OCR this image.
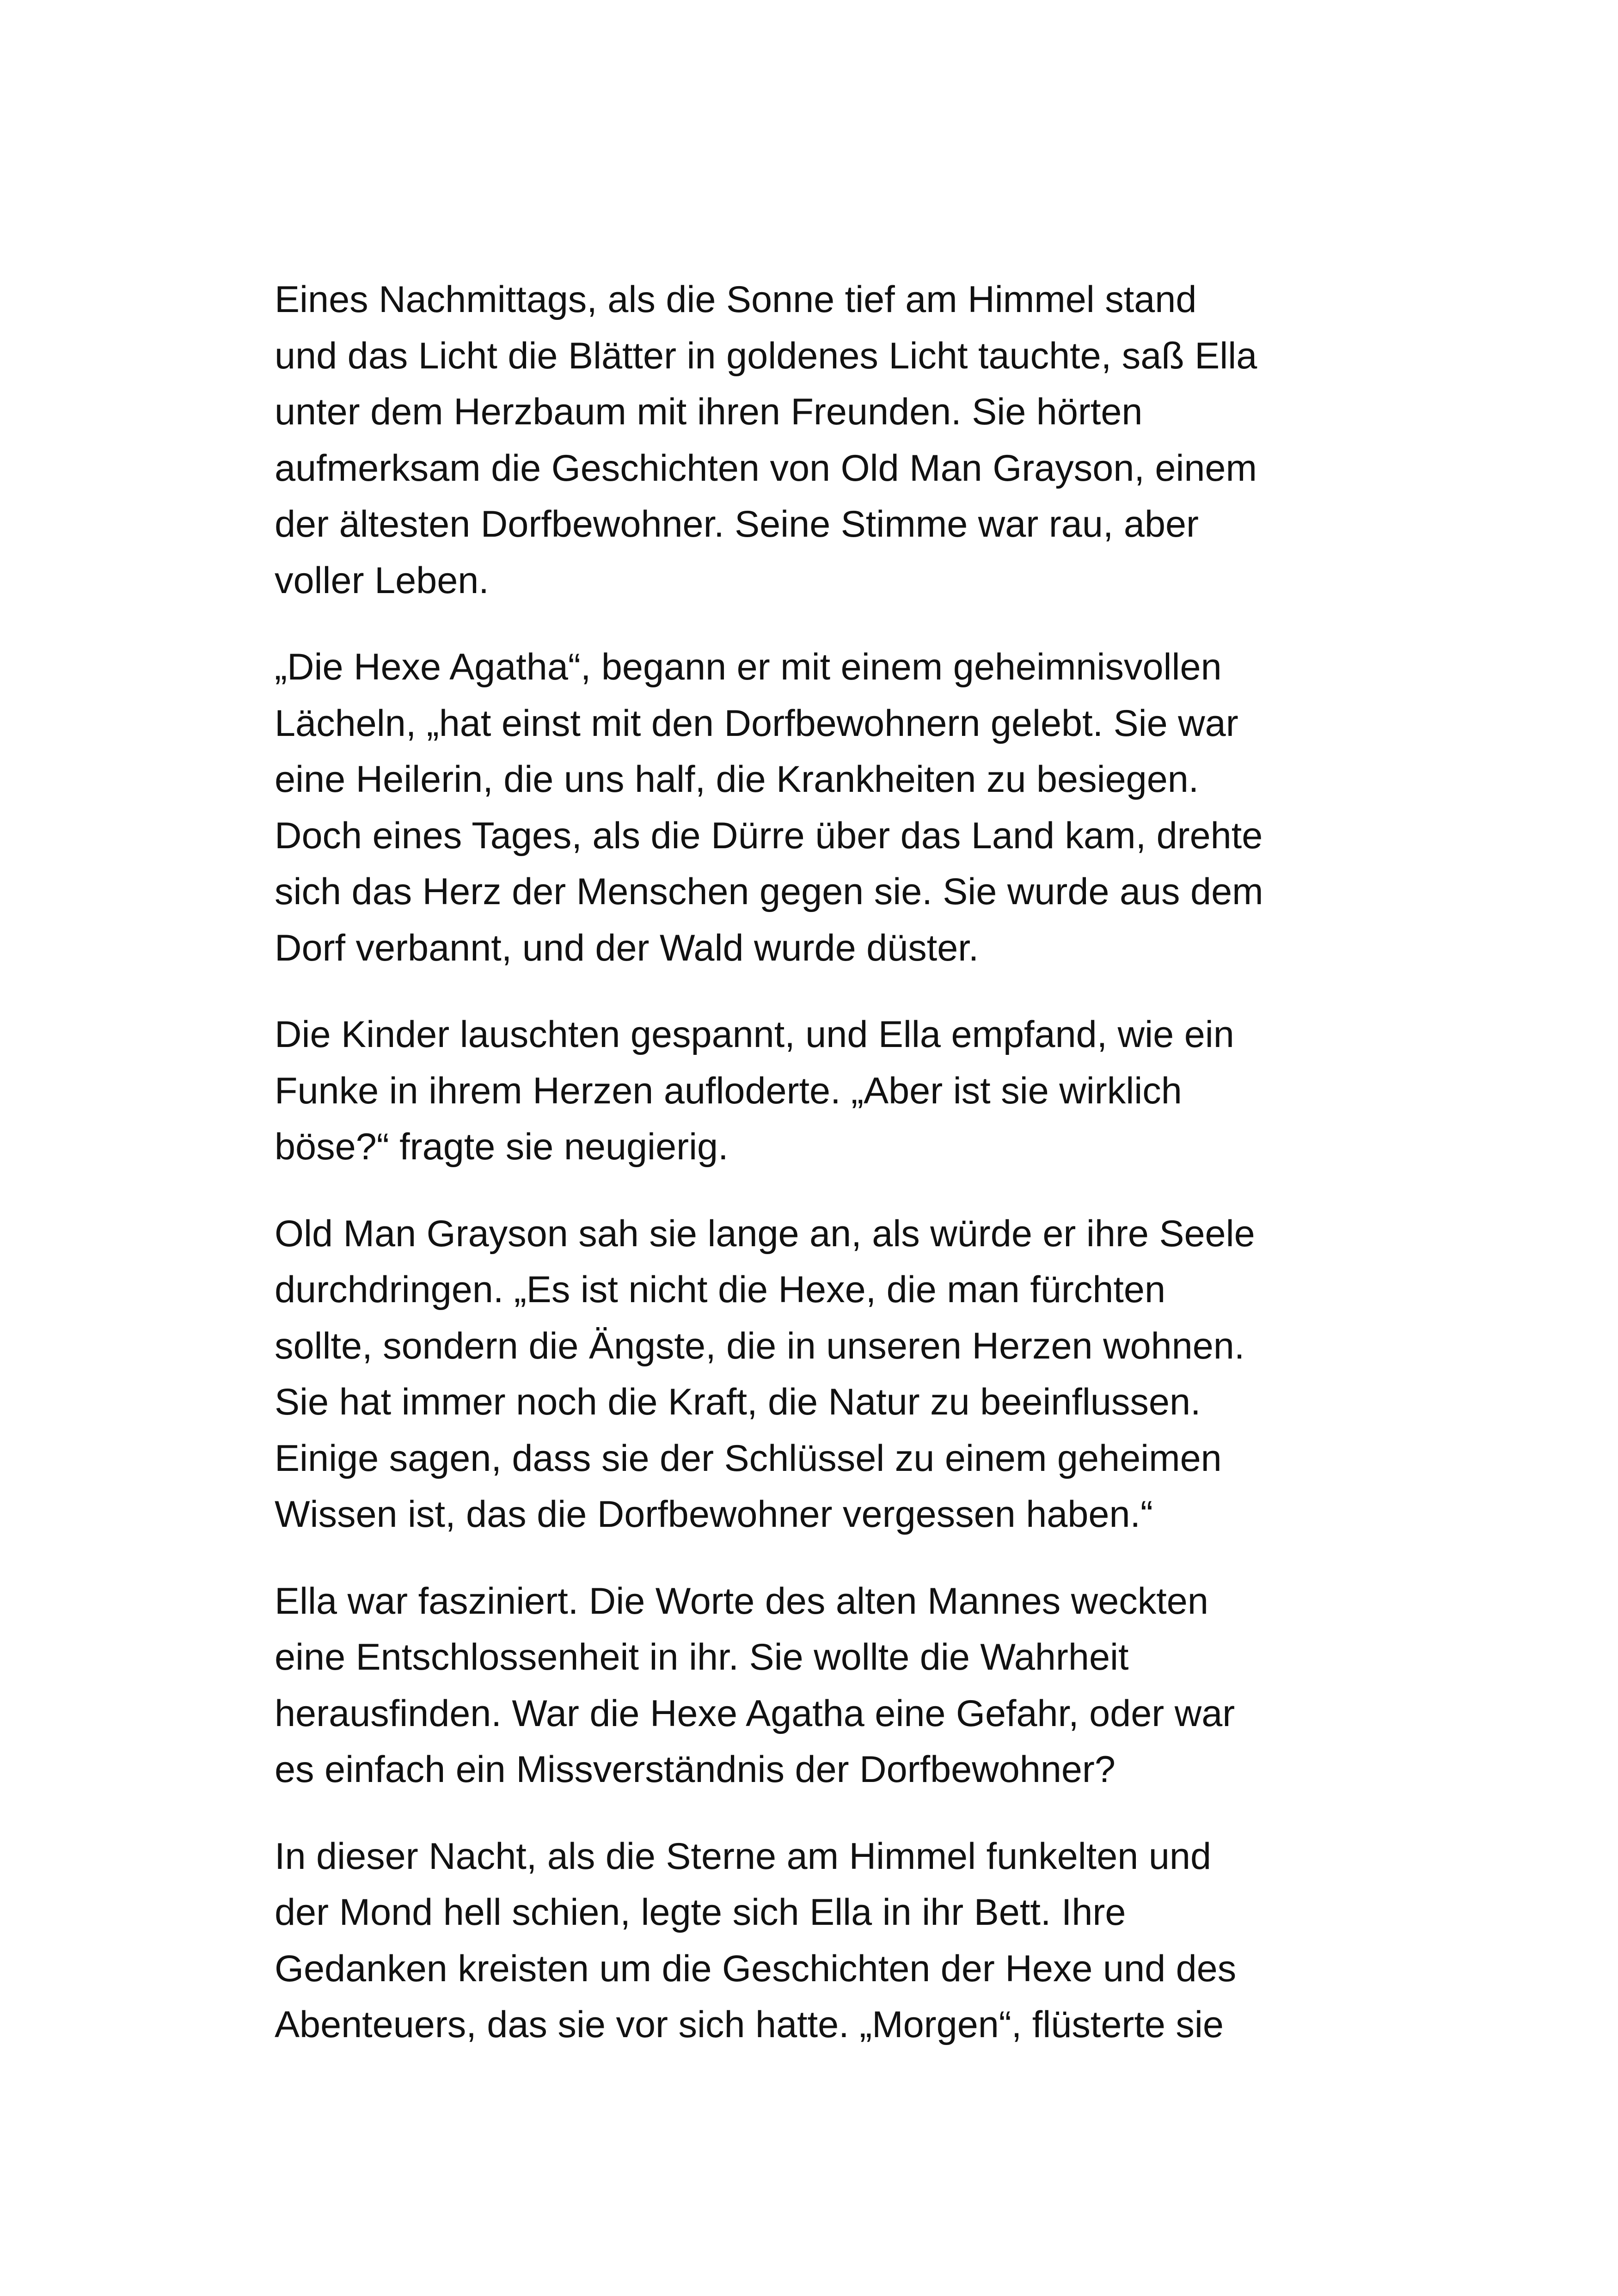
Eines Nachmittags, als die Sonne tief am Himmel stand
und das Licht die Blätter in goldenes Licht tauchte, saß Ella
unter dem Herzbaum mit ihren Freunden. Sie hörten
aufmerksam die Geschichten von Old Man Grayson, einem
der ältesten Dorfbewohner. Seine Stimme war rau, aber
voller Leben.

„Die Hexe Agatha“, begann er mit einem geheimnisvollen
Lächeln, „hat einst mit den Dorfbewohnern gelebt. Sie war
eine Heilerin, die uns half, die Krankheiten zu besiegen.
Doch eines Tages, als die Dürre über das Land kam, drehte
sich das Herz der Menschen gegen sie. Sie wurde aus dem
Dorf verbannt, und der Wald wurde düster.

Die Kinder lauschten gespannt, und Ella empfand, wie ein
Funke in ihrem Herzen aufloderte. „Aber ist sie wirklich
böse?“ fragte sie neugierig.

Old Man Grayson sah sie lange an, als würde er ihre Seele
durchdringen. „Es ist nicht die Hexe, die man fürchten
sollte, sondern die Ängste, die in unseren Herzen wohnen.
Sie hat immer noch die Kraft, die Natur zu beeinflussen.
Einige sagen, dass sie der Schlüssel zu einem geheimen
Wissen ist, das die Dorfbewohner vergessen haben.“

Ella war fasziniert. Die Worte des alten Mannes weckten
eine Entschlossenheit in ihr. Sie wollte die Wahrheit
herausfinden. War die Hexe Agatha eine Gefahr, oder war
es einfach ein Missverständnis der Dorfbewohner?

In dieser Nacht, als die Sterne am Himmel funkelten und
der Mond hell schien, legte sich Ella in ihr Bett. Ihre
Gedanken kreisten um die Geschichten der Hexe und des
Abenteuers, das sie vor sich hatte. „Morgen“, flüsterte sie
